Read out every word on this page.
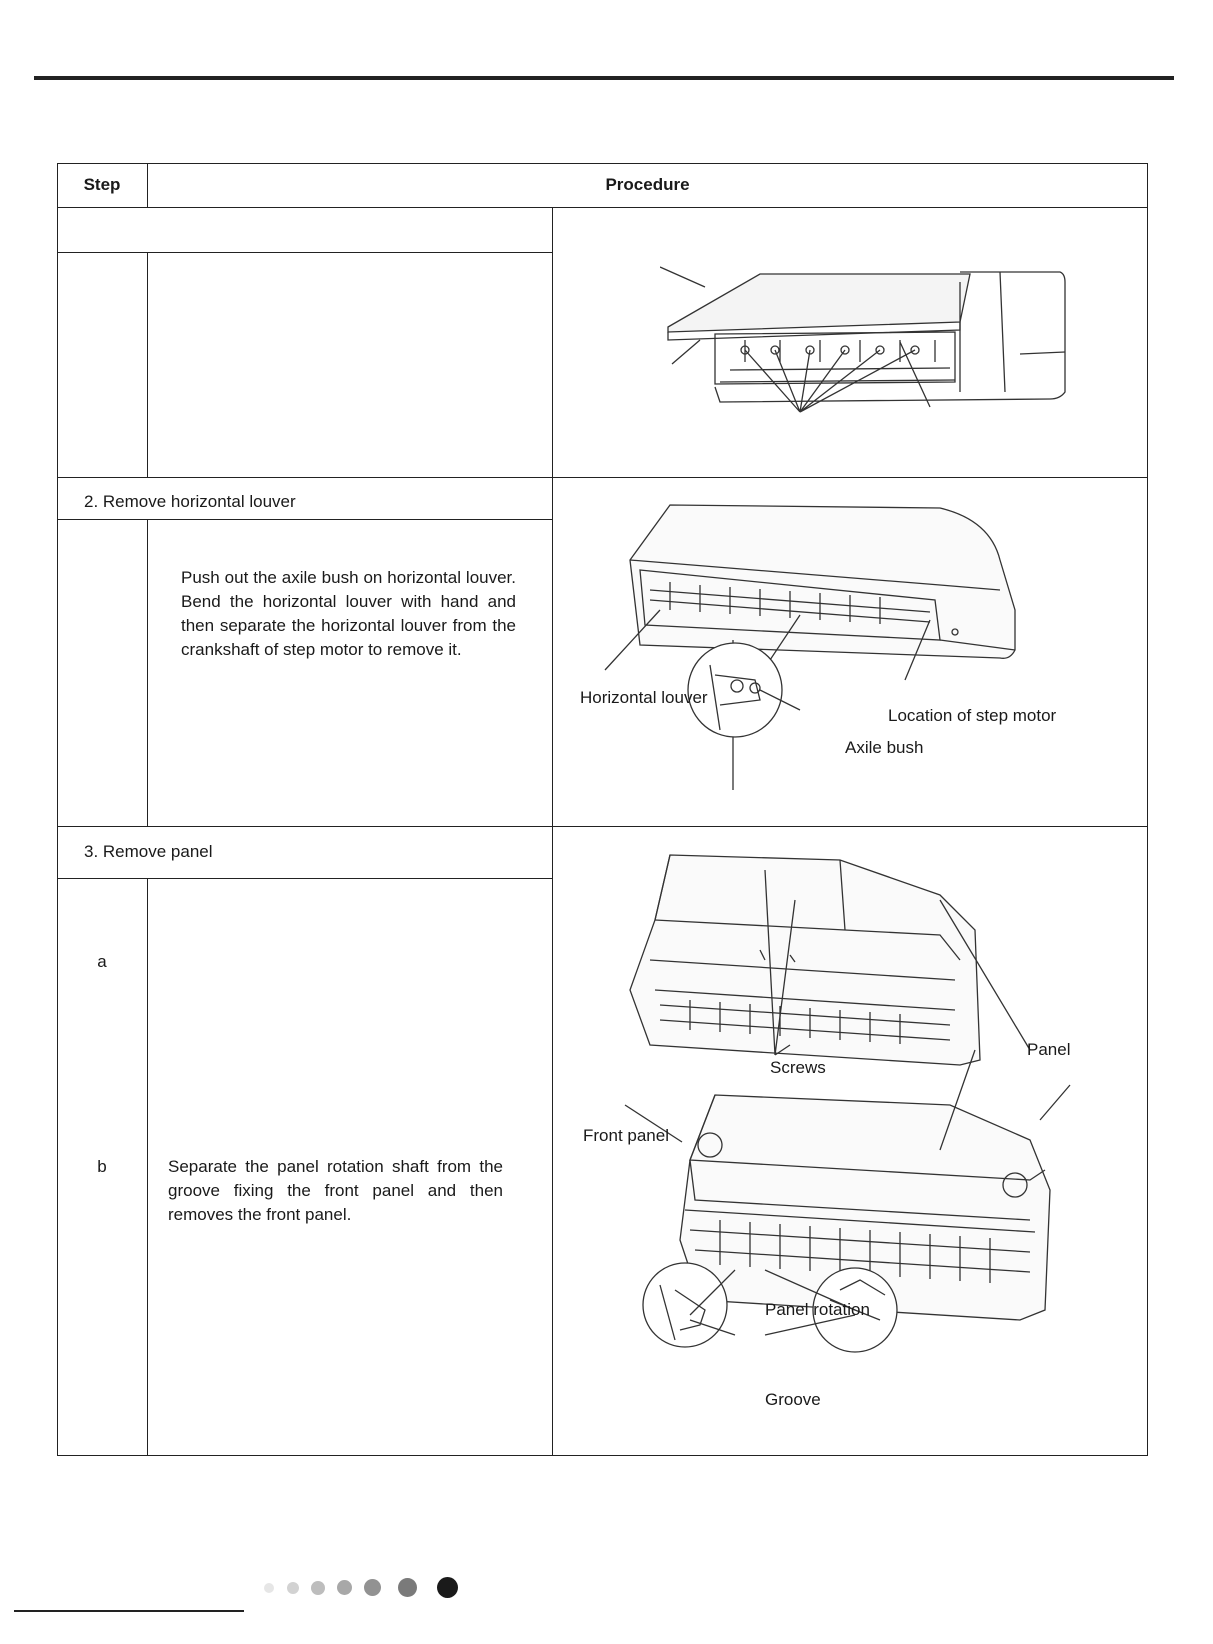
Step	Procedure
2. Remove horizontal louver
3. Remove panel
a
b
Push out the axile bush on horizontal louver. Bend the horizontal louver with hand and then separate the horizontal louver from the crankshaft of step motor to remove it.
Separate the panel rotation shaft from the groove fixing the front panel and then removes the front panel.
Horizontal louver
Location of step motor
Axile bush
Screws
Panel
Front panel
Panel rotation
Groove
